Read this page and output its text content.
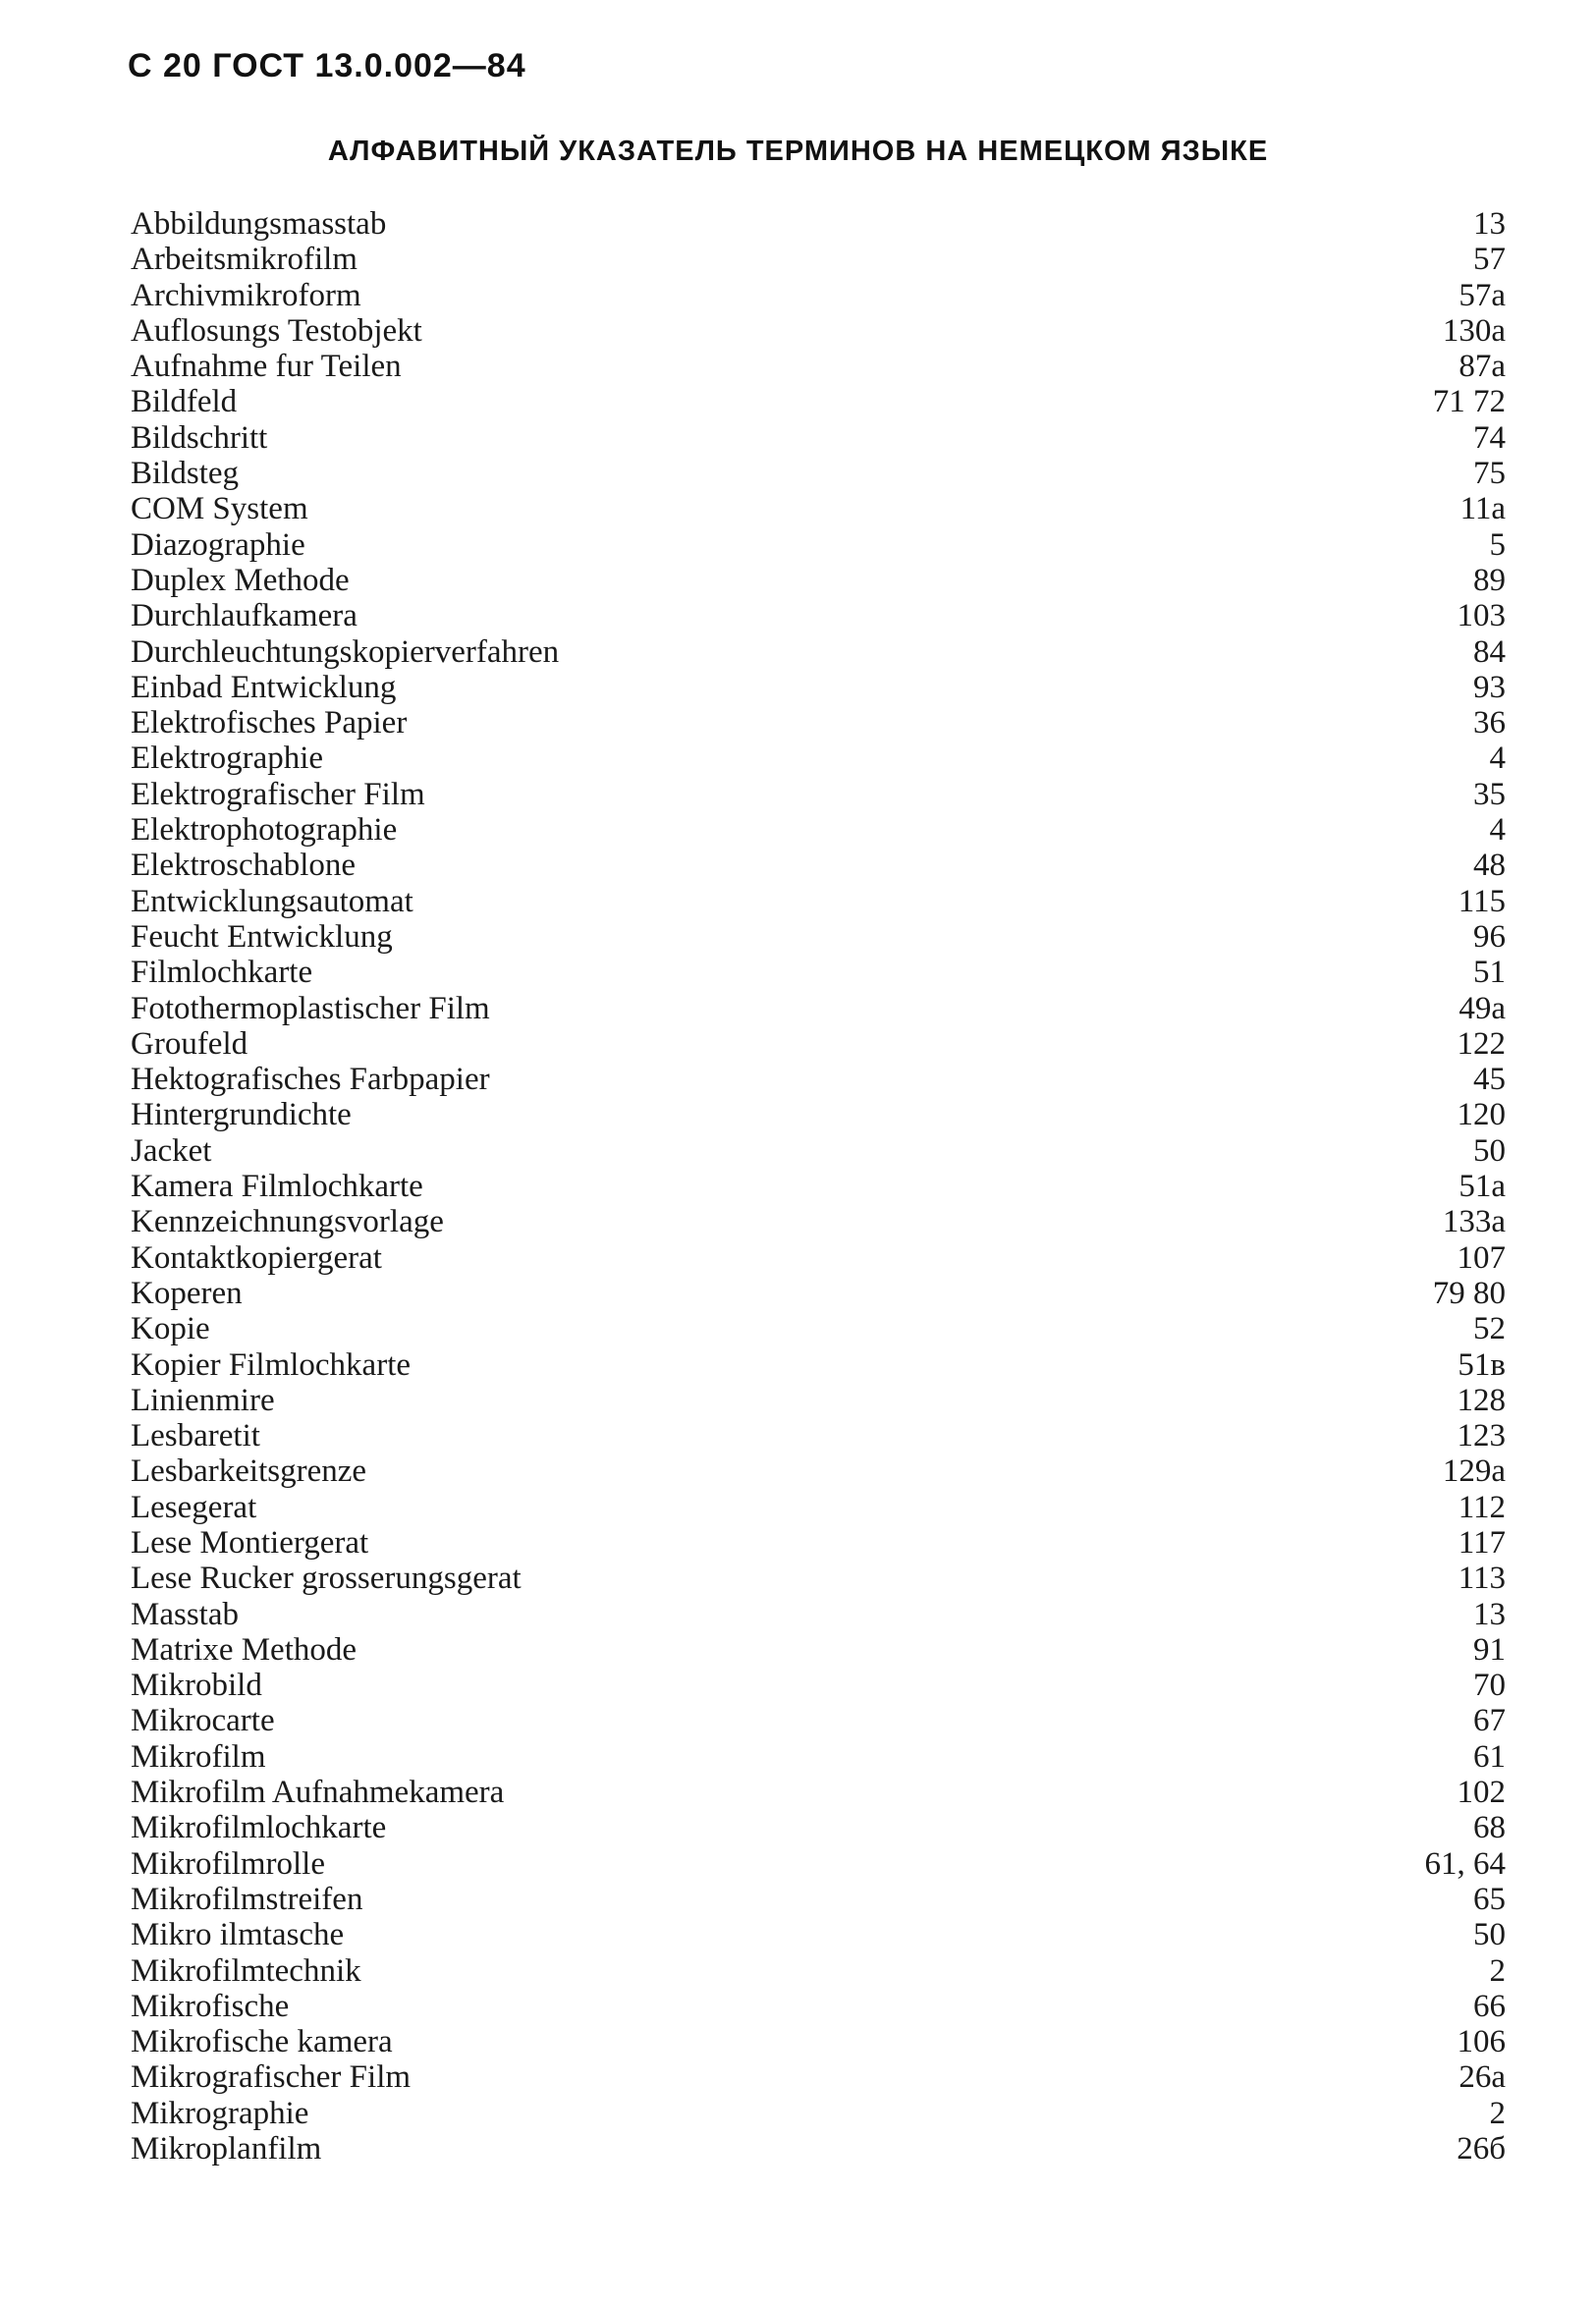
С 20 ГОСТ 13.0.002—84
АЛФАВИТНЫЙ УКАЗАТЕЛЬ ТЕРМИНОВ НА НЕМЕЦКОМ ЯЗЫКЕ
Abbildungsmasstab	13
Arbeitsmikrofilm	57
Archivmikroform	57а
Auflosungs Testobjekt	130а
Aufnahme fur Teilen	87а
Bildfeld	71 72
Bildschritt	74
Bildsteg	75
COM System	11а
Diazographie	5
Duplex Methode	89
Durchlaufkamera	103
Durchleuchtungskopierverfahren	84
Einbad Entwicklung	93
Elektrofisches Papier	36
Elektrographie	4
Elektrografischer Film	35
Elektrophotographie	4
Elektroschablone	48
Entwicklungsautomat	115
Feucht Entwicklung	96
Filmlochkarte	51
Fotothermoplastischer Film	49а
Groufeld	122
Hektografisches Farbpapier	45
Hintergrundichte	120
Jacket	50
Kamera Filmlochkarte	51а
Kennzeichnungsvorlage	133а
Kontaktkopiergerat	107
Koperen	79 80
Kopie	52
Kopier Filmlochkarte	51в
Linienmire	128
Lesbaretit	123
Lesbarkeitsgrenze	129а
Lesegerat	112
Lese Montiergerat	117
Lese Rucker grosserungsgerat	113
Masstab	13
Matrixe Methode	91
Mikrobild	70
Mikrocarte	67
Mikrofilm	61
Mikrofilm Aufnahmekamera	102
Mikrofilmlochkarte	68
Mikrofilmrolle	61, 64
Mikrofilmstreifen	65
Mikro ilmtasche	50
Mikrofilmtechnik	2
Mikrofische	66
Mikrofische kamera	106
Mikrografischer Film	26а
Mikrographie	2
Mikroplanfilm	26б
